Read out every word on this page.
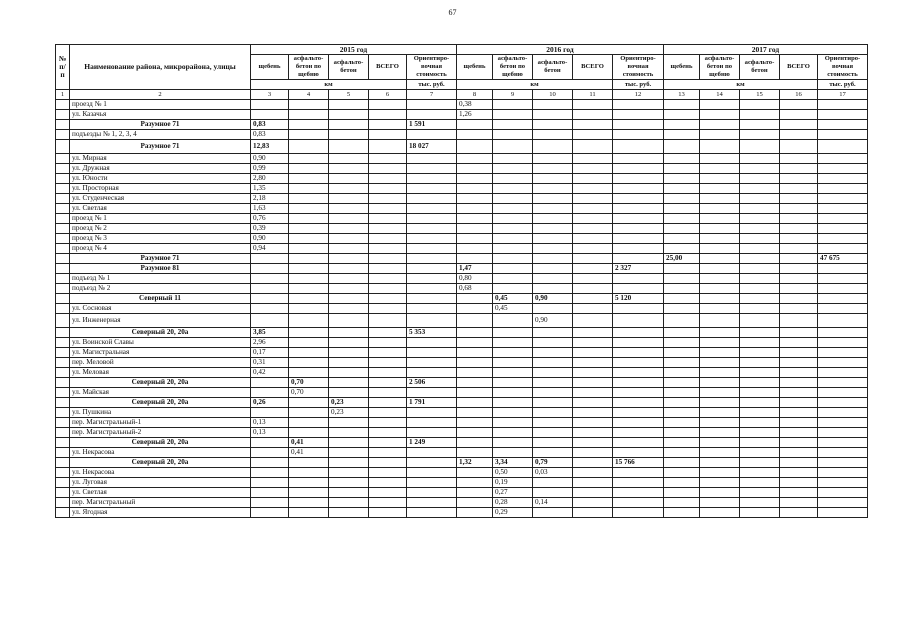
67
№ п/п	Наименование района, микрорайона, улицы	2015 год					2016 год					2017 год				
		щебень	асфальто-бетон по щебню	асфальто-бетон	ВСЕГО	Ориентиро-вочная стоимость	щебень	асфальто-бетон по щебню	асфальто-бетон	ВСЕГО	Ориентиро-вочная стоимость	щебень	асфальто-бетон по щебню	асфальто-бетон	ВСЕГО	Ориентиро-вочная стоимость
		км				тыс. руб.	км				тыс. руб.	км				тыс. руб.
1	2	3	4	5	6	7	8	9	10	11	12	13	14	15	16	17
	проезд № 1						0,38									
	ул. Казачья						1,26									
	Разумное 71	0,83				1 591										
	подъезды № 1, 2, 3, 4	0,83														
	Разумное 71	12,83				18 027										
	ул. Мирная	0,90														
	ул. Дружная	0,99														
	ул. Юности	2,80														
	ул. Просторная	1,35														
	ул. Студенческая	2,18														
	ул. Светлая	1,63														
	проезд № 1	0,76														
	проезд № 2	0,39														
	проезд № 3	0,90														
	проезд № 4	0,94														
	Разумное 71											25,00				47 675
	Разумное 81						1,47				2 327					
	подъезд № 1						0,80									
	подъезд № 2						0,68									
	Северный 11							0,45	0,90		5 120					
	ул. Сосновая							0,45								
	ул. Инженерная								0,90							
	Северный 20, 20а	3,85				5 353										
	ул. Воинской Славы	2,96														
	ул. Магистральная	0,17														
	пер. Меловой	0,31														
	ул. Меловая	0,42														
	Северный 20, 20а		0,70			2 506										
	ул. Майская		0,70													
	Северный 20, 20а	0,26		0,23		1 791										
	ул. Пушкина			0,23												
	пер. Магистральный-1	0,13														
	пер. Магистральный-2	0,13														
	Северный 20, 20а		0,41			1 249										
	ул. Некрасова		0,41													
	Северный 20, 20а						1,32	3,34	0,79		15 766					
	ул. Некрасова							0,50	0,03							
	ул. Луговая							0,19								
	ул. Светлая							0,27								
	пер. Магистральный							0,28	0,14							
	ул. Ягодная							0,29								
